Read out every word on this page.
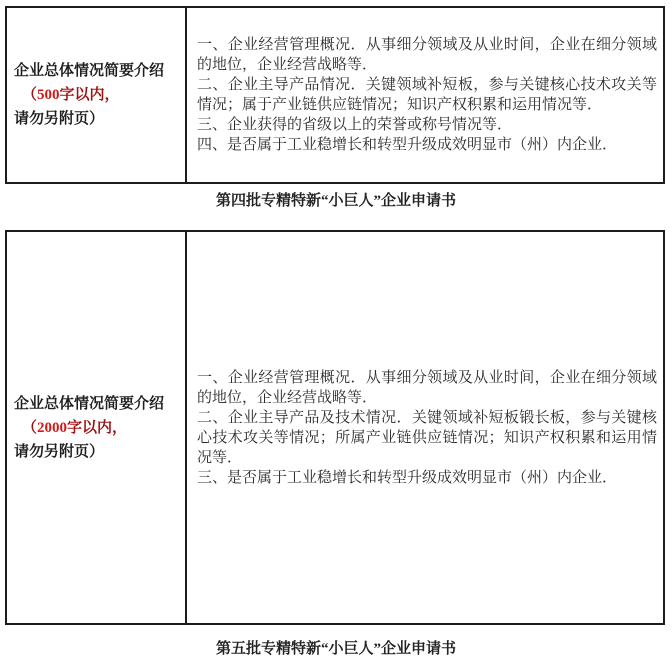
企业总体情况简要介绍
（500字以内，
请勿另附页）

一、企业经营管理概况．从事细分领域及从业时间，企业在细分领域的地位，企业经营战略等．

二、企业主导产品情况．关键领域补短板，参与关键核心技术攻关等情况；属于产业链供应链情况；知识产权积累和运用情况等．

三、企业获得的省级以上的荣誉或称号情况等．

四、是否属于工业稳增长和转型升级成效明显市（州）内企业．

第四批专精特新“小巨人”企业申请书
企业总体情况简要介绍
（2000字以内，
请勿另附页）

一、企业经营管理概况．从事细分领域及从业时间，企业在细分领域的地位，企业经营战略等．

二、企业主导产品及技术情况．关键领域补短板锻长板，参与关键核心技术攻关等情况；所属产业链供应链情况；知识产权积累和运用情况等．

三、是否属于工业稳增长和转型升级成效明显市（州）内企业．

第五批专精特新“小巨人”企业申请书
